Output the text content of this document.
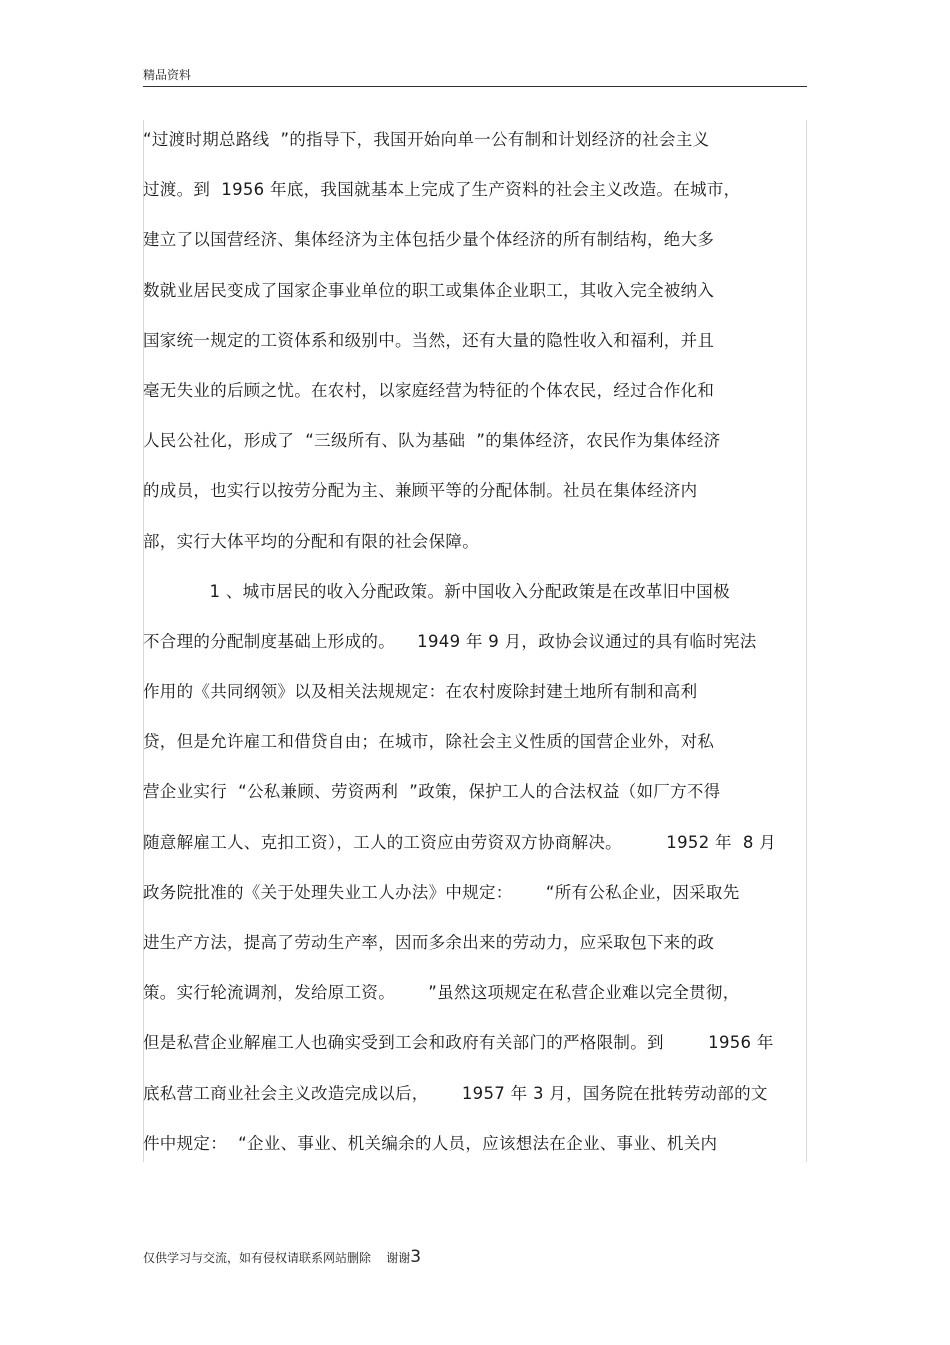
精品资料
“过渡时期总路线  ”的指导下，我国开始向单一公有制和计划经济的社会主义
过渡。到  1956 年底，我国就基本上完成了生产资料的社会主义改造。在城市，
建立了以国营经济、集体经济为主体包括少量个体经济的所有制结构，绝大多
数就业居民变成了国家企事业单位的职工或集体企业职工，其收入完全被纳入
国家统一规定的工资体系和级别中。当然，还有大量的隐性收入和福利，并且
毫无失业的后顾之忧。在农村，以家庭经营为特征的个体农民，经过合作化和
人民公社化，形成了  “三级所有、队为基础  ”的集体经济，农民作为集体经济
的成员，也实行以按劳分配为主、兼顾平等的分配体制。社员在集体经济内
部，实行大体平均的分配和有限的社会保障。
1 、城市居民的收入分配政策。新中国收入分配政策是在改革旧中国极
不合理的分配制度基础上形成的。    1949 年 9 月，政协会议通过的具有临时宪法
作用的《共同纲领》以及相关法规规定：在农村废除封建土地所有制和高利
贷，但是允许雇工和借贷自由；在城市，除社会主义性质的国营企业外，对私
营企业实行  “公私兼顾、劳资两利  ”政策，保护工人的合法权益（如厂方不得
随意解雇工人、克扣工资），工人的工资应由劳资双方协商解决。        1952 年  8 月
政务院批准的《关于处理失业工人办法》中规定：      “所有公私企业，因采取先
进生产方法，提高了劳动生产率，因而多余出来的劳动力，应采取包下来的政
策。实行轮流调剂，发给原工资。      ”虽然这项规定在私营企业难以完全贯彻，
但是私营企业解雇工人也确实受到工会和政府有关部门的严格限制。到        1956 年
底私营工商业社会主义改造完成以后，      1957 年 3 月，国务院在批转劳动部的文
件中规定：  “企业、事业、机关编余的人员，应该想法在企业、事业、机关内
仅供学习与交流，如有侵权请联系网站删除    谢谢3
